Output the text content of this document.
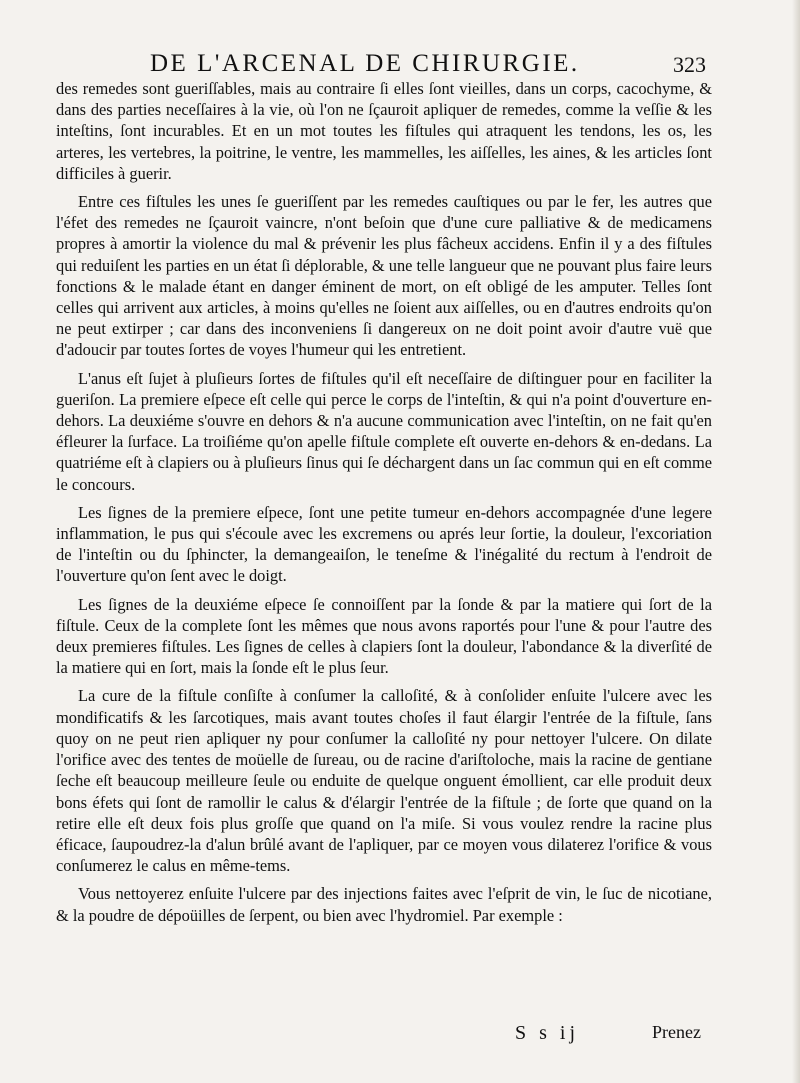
DE L'ARCENAL DE CHIRURGIE.	323

des remedes sont gueriſſables, mais au contraire ſi elles ſont vieilles, dans un corps, cacochyme, & dans des parties neceſſaires à la vie, où l'on ne ſçauroit apliquer de remedes, comme la veſſie & les inteſtins, ſont incurables. Et en un mot toutes les fiſtules qui atraquent les tendons, les os, les arteres, les vertebres, la poitrine, le ventre, les mammelles, les aiſſelles, les aines, & les articles ſont difficiles à guerir.

Entre ces fiſtules les unes ſe gueriſſent par les remedes cauſtiques ou par le fer, les autres que l'éfet des remedes ne ſçauroit vaincre, n'ont beſoin que d'une cure palliative & de medicamens propres à amortir la violence du mal & prévenir les plus fâcheux accidens. Enfin il y a des fiſtules qui reduiſent les parties en un état ſi déplorable, & une telle langueur que ne pouvant plus faire leurs fonctions & le malade étant en danger éminent de mort, on eſt obligé de les amputer. Telles ſont celles qui arrivent aux articles, à moins qu'elles ne ſoient aux aiſſelles, ou en d'autres endroits qu'on ne peut extirper ; car dans des inconveniens ſi dangereux on ne doit point avoir d'autre vuë que d'adoucir par toutes ſortes de voyes l'humeur qui les entretient.

L'anus eſt ſujet à pluſieurs ſortes de fiſtules qu'il eſt neceſſaire de diſtinguer pour en faciliter la gueriſon. La premiere eſpece eſt celle qui perce le corps de l'inteſtin, & qui n'a point d'ouverture en-dehors. La deuxiéme s'ouvre en dehors & n'a aucune communication avec l'inteſtin, on ne fait qu'en éfleurer la ſurface. La troiſiéme qu'on apelle fiſtule complete eſt ouverte en-dehors & en-dedans. La quatriéme eſt à clapiers ou à pluſieurs ſinus qui ſe déchargent dans un ſac commun qui en eſt comme le concours.

Les ſignes de la premiere eſpece, ſont une petite tumeur en-dehors accompagnée d'une legere inflammation, le pus qui s'écoule avec les excremens ou aprés leur ſortie, la douleur, l'excoriation de l'inteſtin ou du ſphincter, la demangeaiſon, le teneſme & l'inégalité du rectum à l'endroit de l'ouverture qu'on ſent avec le doigt.

Les ſignes de la deuxiéme eſpece ſe connoiſſent par la ſonde & par la matiere qui ſort de la fiſtule. Ceux de la complete ſont les mêmes que nous avons raportés pour l'une & pour l'autre des deux premieres fiſtules. Les ſignes de celles à clapiers ſont la douleur, l'abondance & la diverſité de la matiere qui en ſort, mais la ſonde eſt le plus ſeur.

La cure de la fiſtule conſiſte à conſumer la calloſité, & à conſolider enſuite l'ulcere avec les mondificatifs & les ſarcotiques, mais avant toutes choſes il faut élargir l'entrée de la fiſtule, ſans quoy on ne peut rien apliquer ny pour conſumer la calloſité ny pour nettoyer l'ulcere. On dilate l'orifice avec des tentes de moüelle de ſureau, ou de racine d'ariſtoloche, mais la racine de gentiane ſeche eſt beaucoup meilleure ſeule ou enduite de quelque onguent émollient, car elle produit deux bons éfets qui ſont de ramollir le calus & d'élargir l'entrée de la fiſtule ; de ſorte que quand on la retire elle eſt deux fois plus groſſe que quand on l'a miſe. Si vous voulez rendre la racine plus éficace, ſaupoudrez-la d'alun brûlé avant de l'apliquer, par ce moyen vous dilaterez l'orifice & vous conſumerez le calus en même-tems.

Vous nettoyerez enſuite l'ulcere par des injections faites avec l'eſprit de vin, le ſuc de nicotiane, & la poudre de dépoüilles de ſerpent, ou bien avec l'hydromiel. Par exemple :

S s ij	Prenez
